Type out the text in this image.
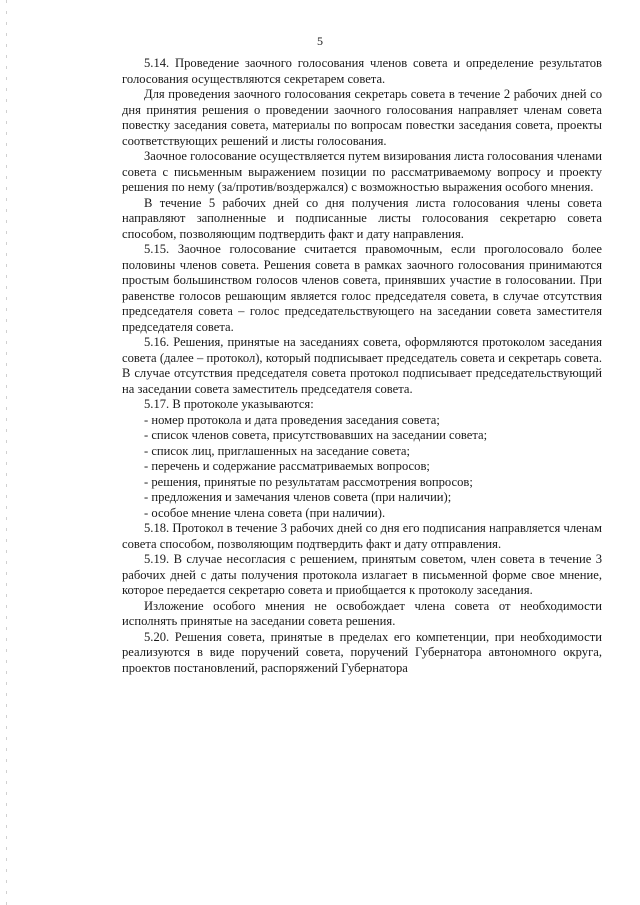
5

5.14. Проведение заочного голосования членов совета и определение результатов голосования осуществляются секретарем совета.

Для проведения заочного голосования секретарь совета в течение 2 рабочих дней со дня принятия решения о проведении заочного голосования направляет членам совета повестку заседания совета, материалы по вопросам повестки заседания совета, проекты соответствующих решений и листы голосования.

Заочное голосование осуществляется путем визирования листа голосования членами совета с письменным выражением позиции по рассматриваемому вопросу и проекту решения по нему (за/против/воздержался) с возможностью выражения особого мнения.

В течение 5 рабочих дней со дня получения листа голосования члены совета направляют заполненные и подписанные листы голосования секретарю совета способом, позволяющим подтвердить факт и дату направления.

5.15. Заочное голосование считается правомочным, если проголосовало более половины членов совета. Решения совета в рамках заочного голосования принимаются простым большинством голосов членов совета, принявших участие в голосовании. При равенстве голосов решающим является голос председателя совета, в случае отсутствия председателя совета – голос председательствующего на заседании совета заместителя председателя совета.

5.16. Решения, принятые на заседаниях совета, оформляются протоколом заседания совета (далее – протокол), который подписывает председатель совета и секретарь совета. В случае отсутствия председателя совета протокол подписывает председательствующий на заседании совета заместитель председателя совета.

5.17. В протоколе указываются:

- номер протокола и дата проведения заседания совета;
- список членов совета, присутствовавших на заседании совета;
- список лиц, приглашенных на заседание совета;
- перечень и содержание рассматриваемых вопросов;
- решения, принятые по результатам рассмотрения вопросов;
- предложения и замечания членов совета (при наличии);
- особое мнение члена совета (при наличии).

5.18. Протокол в течение 3 рабочих дней со дня его подписания направляется членам совета способом, позволяющим подтвердить факт и дату отправления.

5.19. В случае несогласия с решением, принятым советом, член совета в течение 3 рабочих дней с даты получения протокола излагает в письменной форме свое мнение, которое передается секретарю совета и приобщается к протоколу заседания.

Изложение особого мнения не освобождает члена совета от необходимости исполнять принятые на заседании совета решения.

5.20. Решения совета, принятые в пределах его компетенции, при необходимости реализуются в виде поручений совета, поручений Губернатора автономного округа, проектов постановлений, распоряжений Губернатора
